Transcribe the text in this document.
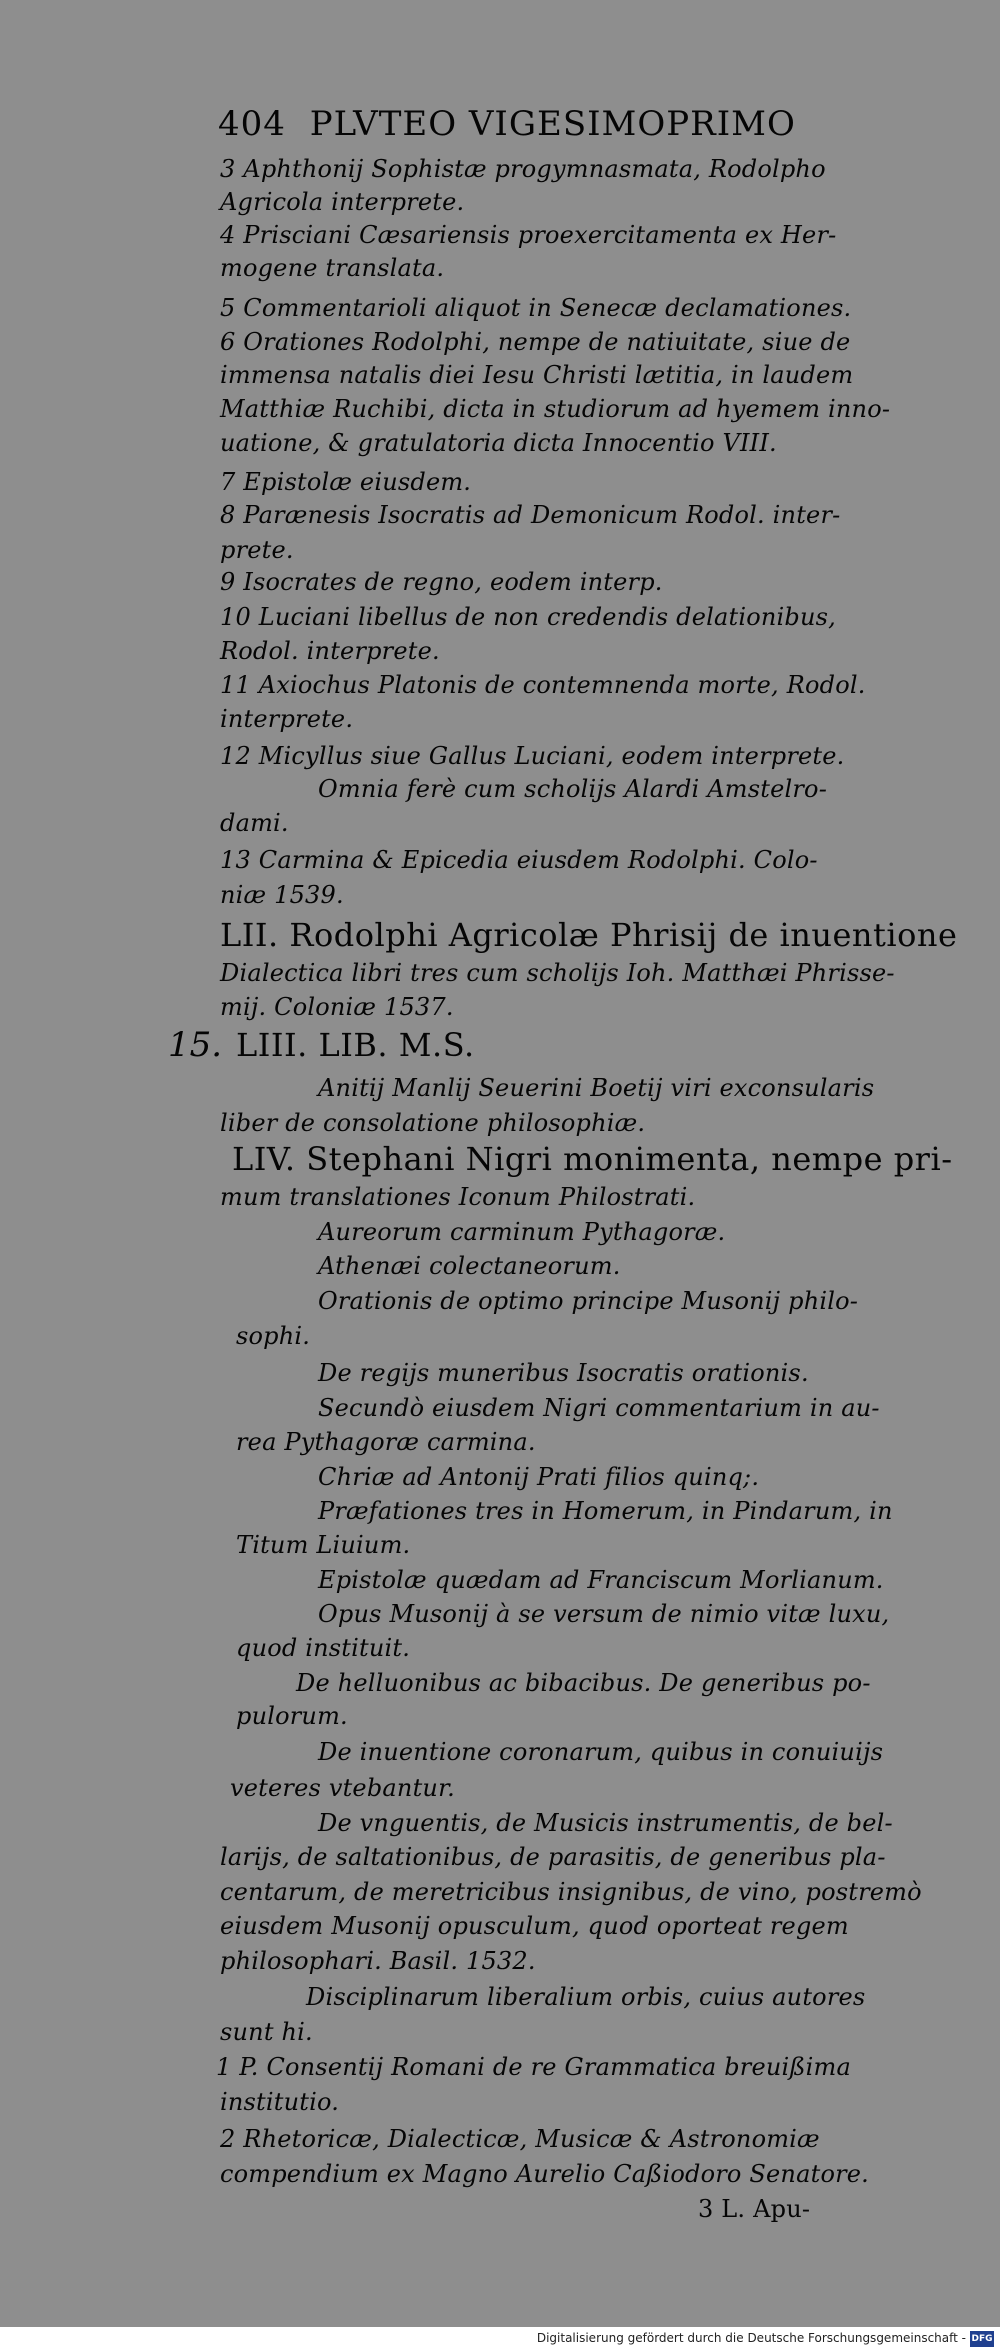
404 PLVTEO VIGESIMOPRIMO
15.
3 Aphthonij Sophistæ progymnasmata, Rodolpho
Agricola interprete.
4 Prisciani Cæsariensis proexercitamenta ex Her-
mogene translata.
5 Commentarioli aliquot in Senecæ declamationes.
6 Orationes Rodolphi, nempe de natiuitate, siue de
immensa natalis diei Iesu Christi lætitia, in laudem
Matthiæ Ruchibi, dicta in studiorum ad hyemem inno-
uatione, & gratulatoria dicta Innocentio VIII.
7 Epistolæ eiusdem.
8 Parænesis Isocratis ad Demonicum Rodol. inter-
prete.
9 Isocrates de regno, eodem interp.
10 Luciani libellus de non credendis delationibus,
Rodol. interprete.
11 Axiochus Platonis de contemnenda morte, Rodol.
interprete.
12 Micyllus siue Gallus Luciani, eodem interprete.
Omnia ferè cum scholijs Alardi Amstelro-
dami.
13 Carmina & Epicedia eiusdem Rodolphi. Colo-
niæ 1539.
LII. Rodolphi Agricolæ Phrisij de inuentione
Dialectica libri tres cum scholijs Ioh. Matthæi Phrissе-
mij. Coloniæ 1537.
LIII. LIB. M.S.
Anitij Manlij Seuerini Boetij viri exconsularis
liber de consolatione philosophiæ.
LIV. Stephani Nigri monimenta, nempe pri-
mum translationes Iconum Philostrati.
Aureorum carminum Pythagoræ.
Athenæi colectaneorum.
Orationis de optimo principe Musonij philo-
sophi.
De regijs muneribus Isocratis orationis.
Secundò eiusdem Nigri commentarium in au-
rea Pythagoræ carmina.
Chriæ ad Antonij Prati filios quinq;.
Præfationes tres in Homerum, in Pindarum, in
Titum Liuium.
Epistolæ quædam ad Franciscum Morlianum.
Opus Musonij à se versum de nimio vitæ luxu,
quod instituit.
De helluonibus ac bibacibus. De generibus po-
pulorum.
De inuentione coronarum, quibus in conuiuijs
veteres vtebantur.
De vnguentis, de Musicis instrumentis, de bel-
larijs, de saltationibus, de parasitis, de generibus pla-
centarum, de meretricibus insignibus, de vino, postremò
eiusdem Musonij opusculum, quod oporteat regem
philosophari. Basil. 1532.
Disciplinarum liberalium orbis, cuius autores
sunt hi.
1 P. Consentij Romani de re Grammatica breuißima
institutio.
2 Rhetoricæ, Dialecticæ, Musicæ & Astronomiæ
compendium ex Magno Aurelio Caßiodoro Senatore.
3 L. Apu-
Digitalisierung gefördert durch die Deutsche Forschungsgemeinschaft - DFG
